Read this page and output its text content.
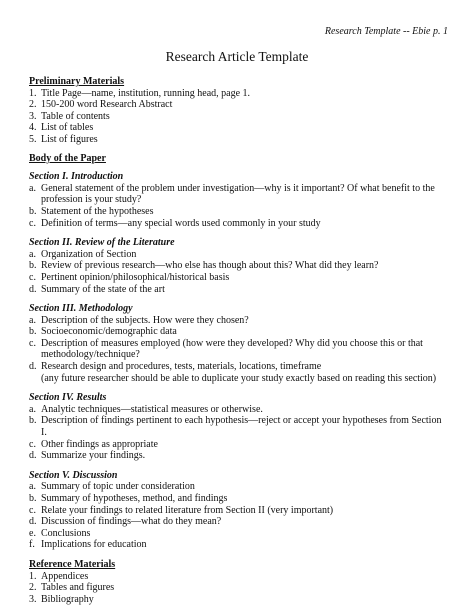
Research Template -- Ebie p. 1
Research Article Template
Preliminary Materials
1. Title Page—name, institution, running head, page 1.
2. 150-200 word Research Abstract
3. Table of contents
4. List of tables
5. List of figures
Body of the Paper
Section I. Introduction
a. General statement of the problem under investigation—why is it important? Of what benefit to the profession is your study?
b. Statement of the hypotheses
c. Definition of terms—any special words used commonly in your study
Section II. Review of the Literature
a. Organization of Section
b. Review of previous research—who else has though about this? What did they learn?
c. Pertinent opinion/philosophical/historical basis
d. Summary of the state of the art
Section III. Methodology
a. Description of the subjects. How were they chosen?
b. Socioeconomic/demographic data
c. Description of measures employed (how were they developed? Why did you choose this or that methodology/technique?
d. Research design and procedures, tests, materials, locations, timeframe
(any future researcher should be able to duplicate your study exactly based on reading this section)
Section IV. Results
a. Analytic techniques—statistical measures or otherwise.
b. Description of findings pertinent to each hypothesis—reject or accept your hypotheses from Section I.
c. Other findings as appropriate
d. Summarize your findings.
Section V. Discussion
a. Summary of topic under consideration
b. Summary of hypotheses, method, and findings
c. Relate your findings to related literature from Section II (very important)
d. Discussion of findings—what do they mean?
e. Conclusions
f. Implications for education
Reference Materials
1. Appendices
2. Tables and figures
3. Bibliography
